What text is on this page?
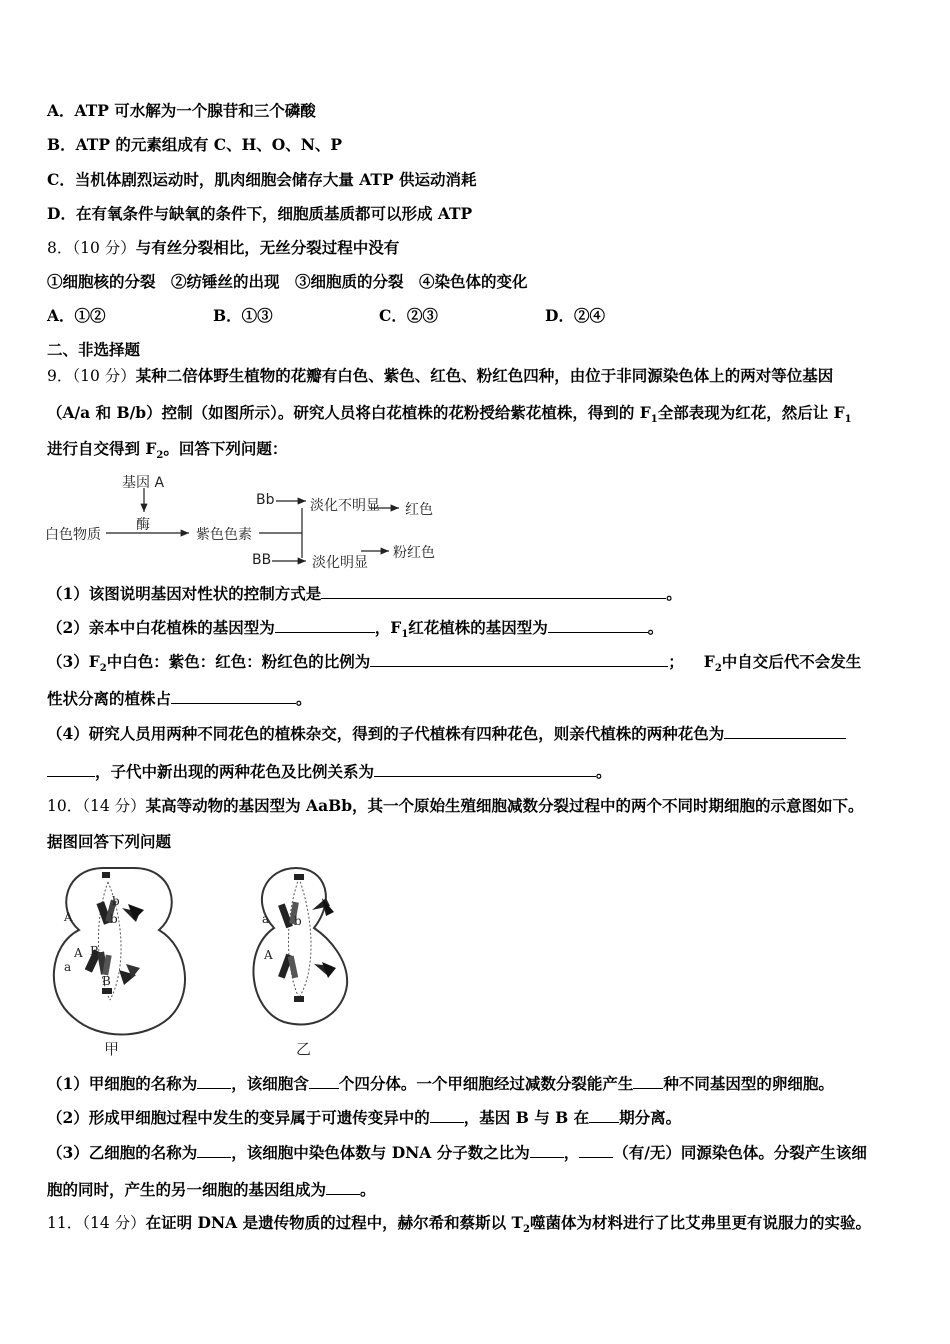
A．ATP 可水解为一个腺苷和三个磷酸
B．ATP 的元素组成有 C、H、O、N、P
C．当机体剧烈运动时，肌肉细胞会储存大量 ATP 供运动消耗
D．在有氧条件与缺氧的条件下，细胞质基质都可以形成 ATP
8．（10 分）与有丝分裂相比，无丝分裂过程中没有
①细胞核的分裂　②纺锤丝的出现　③细胞质的分裂　④染色体的变化
A．①②	B．①③	C．②③	D．②④
二、非选择题
9．（10 分）某种二倍体野生植物的花瓣有白色、紫色、红色、粉红色四种，由位于非同源染色体上的两对等位基因
（A/a 和 B/b）控制（如图所示）。研究人员将白花植株的花粉授给紫花植株，得到的 $F_1$全部表现为红花，然后让 $F_1$
进行自交得到 $F_2$。回答下列问题：
基因 A
酶
白色物质	紫色色素
Bb	淡化不明显 红色
BB	淡化明显
粉红色
（1）该图说明基因对性状的控制方式是	。
（2）亲本中白花植株的基因型为	，$F_1$红花植株的基因型为	。
$(3)F_2$中白色：紫色：红色：粉红色的比例为	； $F_2$中自交后代不会发生
性状分离的植株占	。
（4）研究人员用两种不同花色的植株杂交，得到的子代植株有四种花色，则亲代植株的两种花色为
，子代中新出现的两种花色及比例关系为	。
10．（14 分）某高等动物的基因型为 AaBb，其一个原始生殖细胞减数分裂过程中的两个不同时期细胞的示意图如下。
据图回答下列问题
A
b
b
A B
a
B
a b
A
甲	乙
（1）甲细胞的名称为 ，该细胞含 个四分体。一个甲细胞经过减数分裂能产生 种不同基因型的卵细胞。
（2）形成甲细胞过程中发生的变异属于可遗传变异中的 ，基因 B 与 B 在 期分离。
（3）乙细胞的名称为 ，该细胞中染色体数与 DNA 分子数之比为 ， （有/无）同源染色体。分裂产生该细
胞的同时，产生的另一细胞的基因组成为 。
11．（14 分）在证明 DNA 是遗传物质的过程中，赫尔希和蔡斯以 $T_2$噬菌体为材料进行了比艾弗里更有说服力的实验。
